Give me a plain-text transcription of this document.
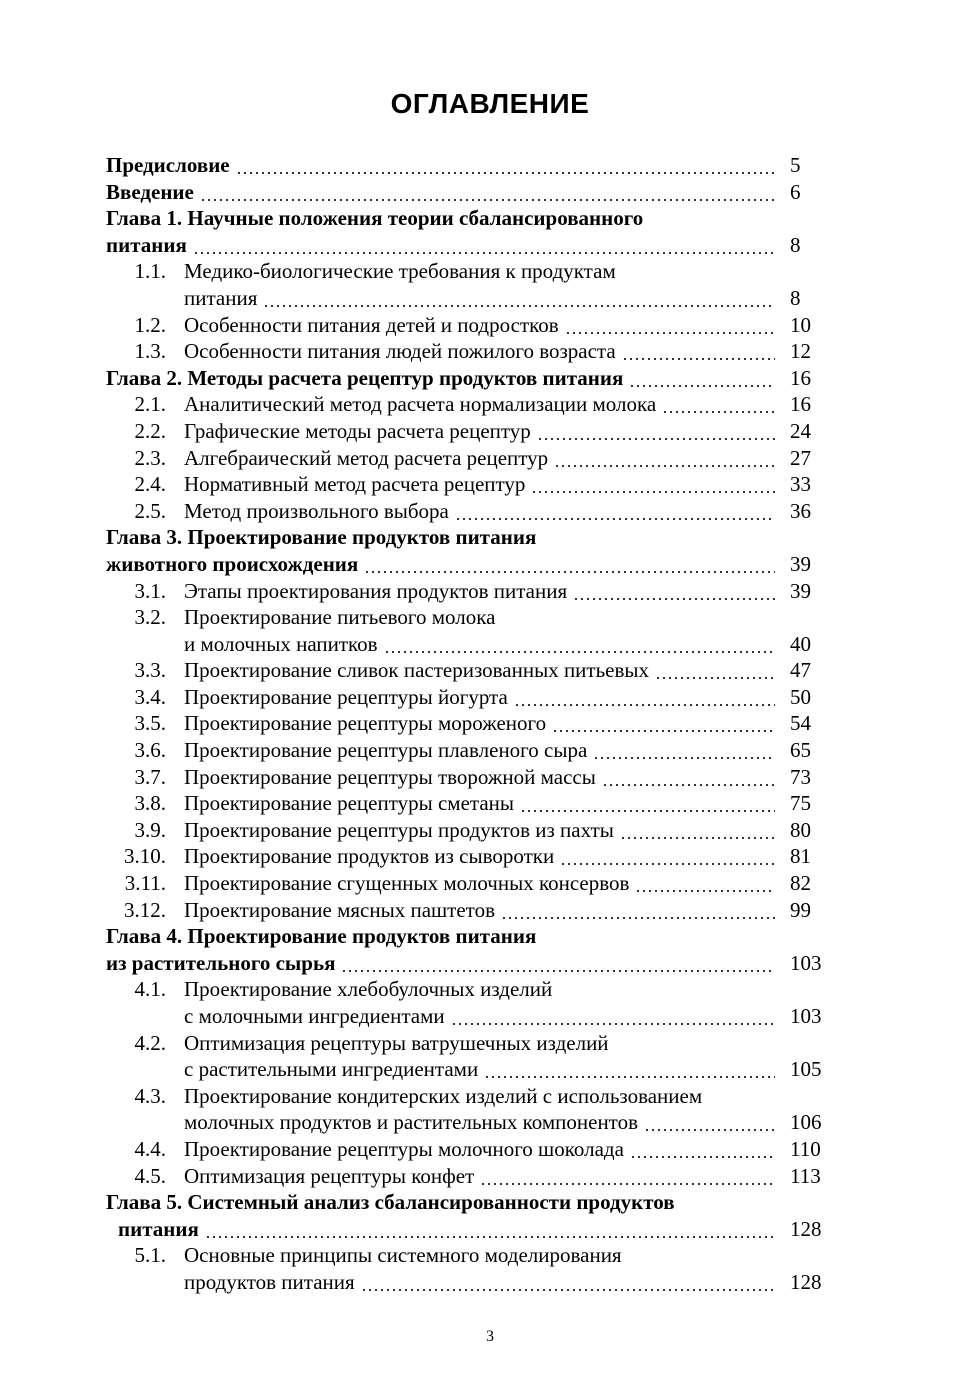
ОГЛАВЛЕНИЕ
Предисловие	5
Введение	6
Глава 1. Научные положения теории сбалансированного
питания	8
1.1. Медико-биологические требования к продуктам
питания	8
1.2. Особенности питания детей и подростков	10
1.3. Особенности питания людей пожилого возраста	12
Глава 2. Методы расчета рецептур продуктов питания	16
2.1. Аналитический метод расчета нормализации молока	16
2.2. Графические методы расчета рецептур	24
2.3. Алгебраический метод расчета рецептур	27
2.4. Нормативный метод расчета рецептур	33
2.5. Метод произвольного выбора	36
Глава 3. Проектирование продуктов питания
животного происхождения	39
3.1. Этапы проектирования продуктов питания	39
3.2. Проектирование питьевого молока
и молочных напитков	40
3.3. Проектирование сливок пастеризованных питьевых	47
3.4. Проектирование рецептуры йогурта	50
3.5. Проектирование рецептуры мороженого	54
3.6. Проектирование рецептуры плавленого сыра	65
3.7. Проектирование рецептуры творожной массы	73
3.8. Проектирование рецептуры сметаны	75
3.9. Проектирование рецептуры продуктов из пахты	80
3.10. Проектирование продуктов из сыворотки	81
3.11. Проектирование сгущенных молочных консервов	82
3.12. Проектирование мясных паштетов	99
Глава 4. Проектирование продуктов питания
из растительного сырья	103
4.1. Проектирование хлебобулочных изделий
с молочными ингредиентами	103
4.2. Оптимизация рецептуры ватрушечных изделий
с растительными ингредиентами	105
4.3. Проектирование кондитерских изделий с использованием
молочных продуктов и растительных компонентов	106
4.4. Проектирование рецептуры молочного шоколада	110
4.5. Оптимизация рецептуры конфет	113
Глава 5. Системный анализ сбалансированности продуктов
питания	128
5.1. Основные принципы системного моделирования
продуктов питания	128
3
